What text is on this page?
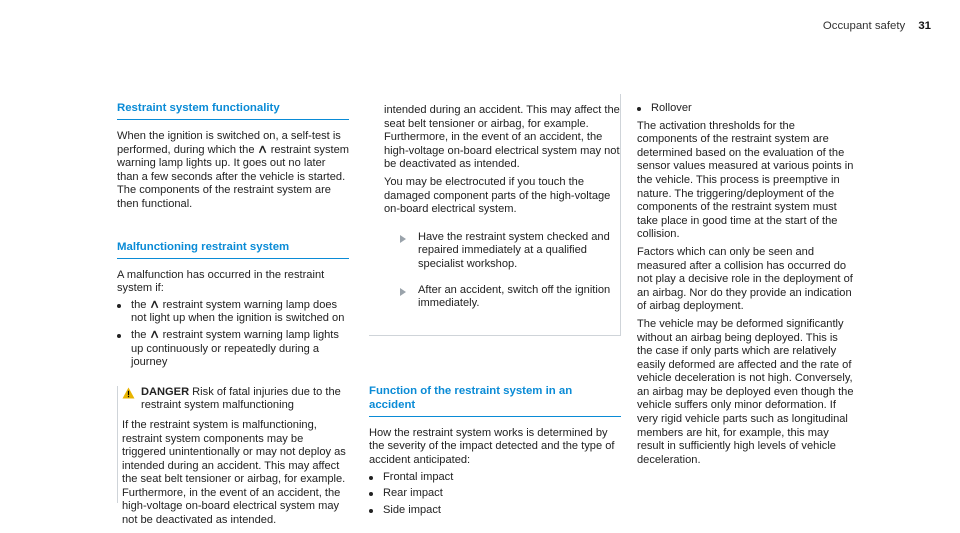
Occupant safety 31
Restraint system functionality

When the ignition is switched on, a self-test is performed, during which the 𐌡 restraint system warning lamp lights up. It goes out no later than a few seconds after the vehicle is started. The components of the restraint system are then functional.

Malfunctioning restraint system

A malfunction has occurred in the restraint system if:

the 𐌡 restraint system warning lamp does not light up when the ignition is switched on
the 𐌡 restraint system warning lamp lights up continuously or repeatedly during a journey
DANGER Risk of fatal injuries due to the restraint system malfunctioning

If the restraint system is malfunctioning, restraint system components may be triggered unintentionally or may not deploy as intended during an accident. This may affect the seat belt tensioner or airbag, for example. Furthermore, in the event of an accident, the high-voltage on-board electrical system may not be deactivated as intended.

intended during an accident. This may affect the seat belt tensioner or airbag, for example. Furthermore, in the event of an accident, the high-voltage on-board electrical system may not be deactivated as intended.

You may be electrocuted if you touch the damaged component parts of the high-voltage on-board electrical system.

Have the restraint system checked and repaired immediately at a qualified specialist workshop.
After an accident, switch off the ignition immediately.
Function of the restraint system in an accident

How the restraint system works is determined by the severity of the impact detected and the type of accident anticipated:

Frontal impact
Rear impact
Side impact
Rollover

The activation thresholds for the components of the restraint system are determined based on the evaluation of the sensor values measured at various points in the vehicle. This process is preemptive in nature. The triggering/deployment of the components of the restraint system must take place in good time at the start of the collision.

Factors which can only be seen and measured after a collision has occurred do not play a decisive role in the deployment of an airbag. Nor do they provide an indication of airbag deployment.

The vehicle may be deformed significantly without an airbag being deployed. This is the case if only parts which are relatively easily deformed are affected and the rate of vehicle deceleration is not high. Conversely, an airbag may be deployed even though the vehicle suffers only minor deformation. If very rigid vehicle parts such as longitudinal members are hit, for example, this may result in sufficiently high levels of vehicle deceleration.
